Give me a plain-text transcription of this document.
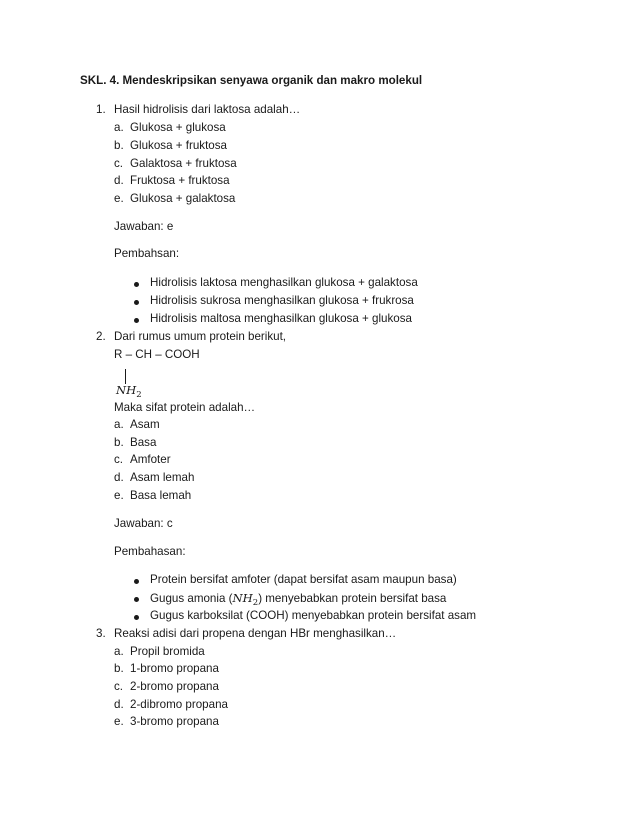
SKL. 4. Mendeskripsikan senyawa organik dan makro molekul
1. Hasil hidrolisis dari laktosa adalah…
a. Glukosa + glukosa
b. Glukosa + fruktosa
c. Galaktosa + fruktosa
d. Fruktosa + fruktosa
e. Glukosa + galaktosa
Jawaban: e
Pembahsan:
Hidrolisis laktosa menghasilkan glukosa + galaktosa
Hidrolisis sukrosa menghasilkan glukosa + frukrosa
Hidrolisis maltosa menghasilkan glukosa + glukosa
2. Dari rumus umum protein berikut,
R – CH – COOH
$NH_2$
Maka sifat protein adalah…
a. Asam
b. Basa
c. Amfoter
d. Asam lemah
e. Basa lemah
Jawaban: c
Pembahasan:
Protein bersifat amfoter (dapat bersifat asam maupun basa)
Gugus amonia $(NH_2)$ menyebabkan protein bersifat basa
Gugus karboksilat (COOH) menyebabkan protein bersifat asam
3. Reaksi adisi dari propena dengan HBr menghasilkan…
a. Propil bromida
b. 1-bromo propana
c. 2-bromo propana
d. 2-dibromo propana
e. 3-bromo propana
